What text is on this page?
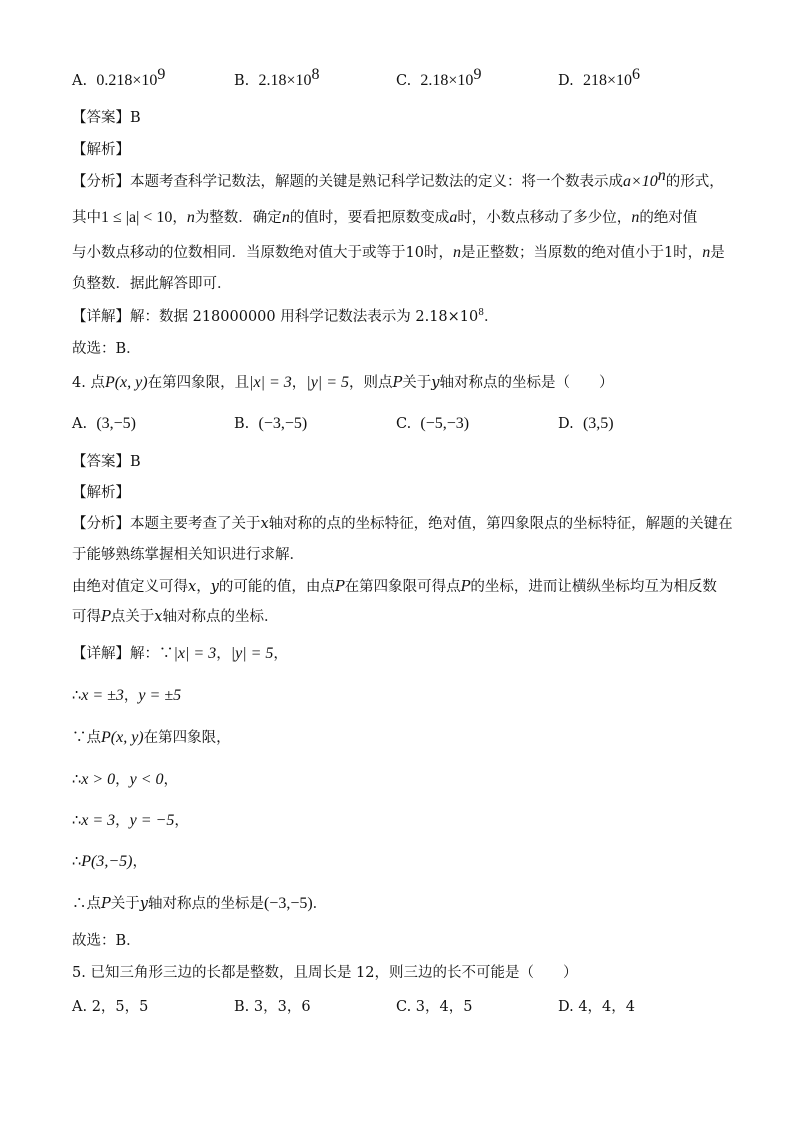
A. $0.218\times 10^9$	B. $2.18\times 10^8$	C. $2.18\times 10^9$	D. $218\times 10^6$
【答案】B
【解析】
【分析】本题考查科学记数法，解题的关键是熟记科学记数法的定义：将一个数表示成$a\times 10^n$的形式，
其中1 ≤ |a| < 10，n为整数．确定n的值时，要看把原数变成a时，小数点移动了多少位，n的绝对值
与小数点移动的位数相同．当原数绝对值大于或等于10时，n是正整数；当原数的绝对值小于1时，n是
负整数．据此解答即可．
【详解】解：数据 218000000 用科学记数法表示为 $2.18\times 10^8$．
故选：B．
4. 点P(x, y)在第四象限，且|x| = 3，|y| = 5，则点P关于y轴对称点的坐标是（　　）
A. (3,−5)	B. (−3,−5)	C. (−5,−3)	D. (3,5)
【答案】B
【解析】
【分析】本题主要考查了关于x轴对称的点的坐标特征，绝对值，第四象限点的坐标特征，解题的关键在
于能够熟练掌握相关知识进行求解．
由绝对值定义可得x，y的可能的值，由点P在第四象限可得点P的坐标，进而让横纵坐标均互为相反数
可得P点关于x轴对称点的坐标．
【详解】解：∵|x| = 3，|y| = 5，
∴x = ±3，y = ±5
∵点P(x, y)在第四象限，
∴x > 0，y < 0，
∴x = 3，y = −5，
∴P(3,−5)，
∴点P关于y轴对称点的坐标是(−3,−5)．
故选：B．
5. 已知三角形三边的长都是整数，且周长是 12，则三边的长不可能是（　　）
A. 2，5，5	B. 3，3，6	C. 3，4，5	D. 4，4，4
